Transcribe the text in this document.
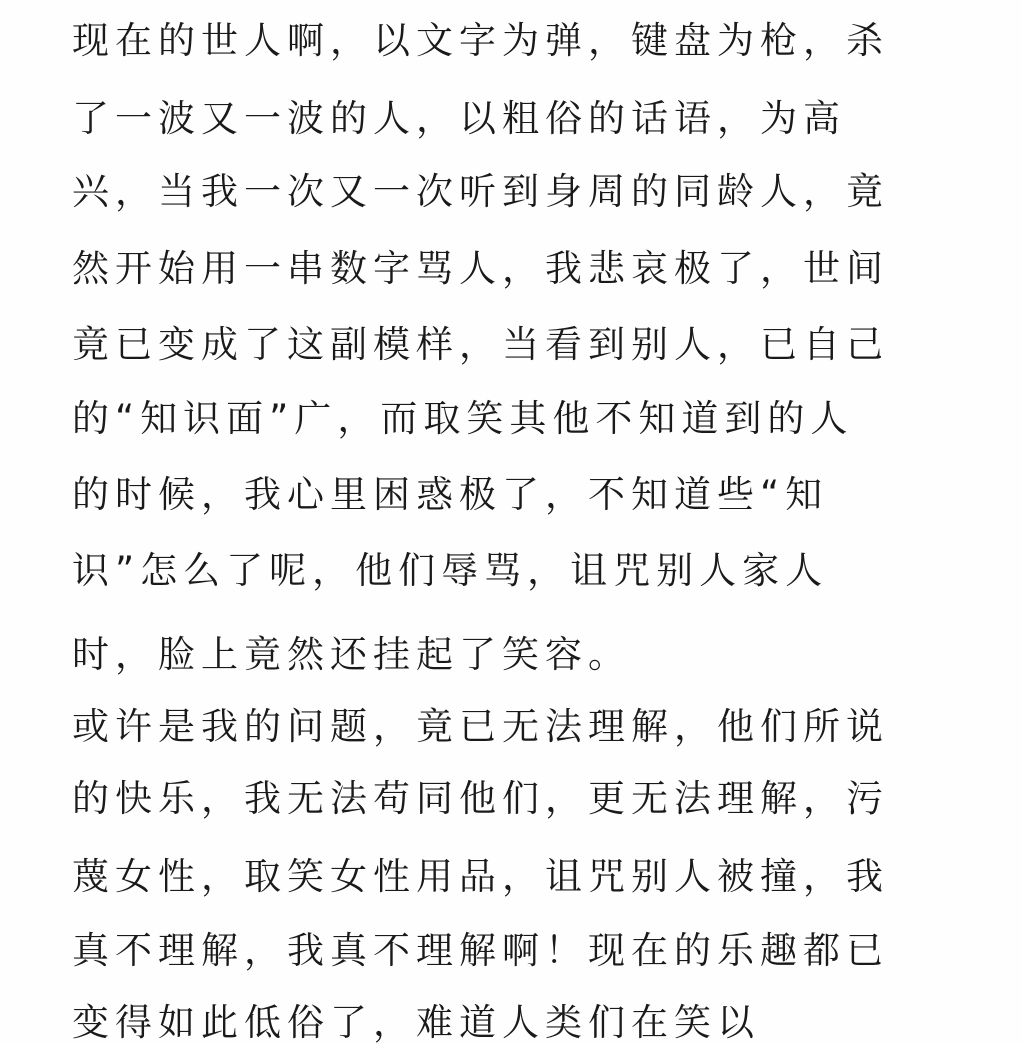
现在的世人啊，以文字为弹，键盘为枪，杀
了一波又一波的人，以粗俗的话语，为高
兴，当我一次又一次听到身周的同龄人，竟
然开始用一串数字骂人，我悲哀极了，世间
竟已变成了这副模样，当看到别人，已自己
的“知识面”广，而取笑其他不知道到的人
的时候，我心里困惑极了，不知道些“知
识”怎么了呢，他们辱骂，诅咒别人家人
时，脸上竟然还挂起了笑容。
或许是我的问题，竟已无法理解，他们所说
的快乐，我无法苟同他们，更无法理解，污
蔑女性，取笑女性用品，诅咒别人被撞，我
真不理解，我真不理解啊！现在的乐趣都已
变得如此低俗了，难道人类们在笑以
